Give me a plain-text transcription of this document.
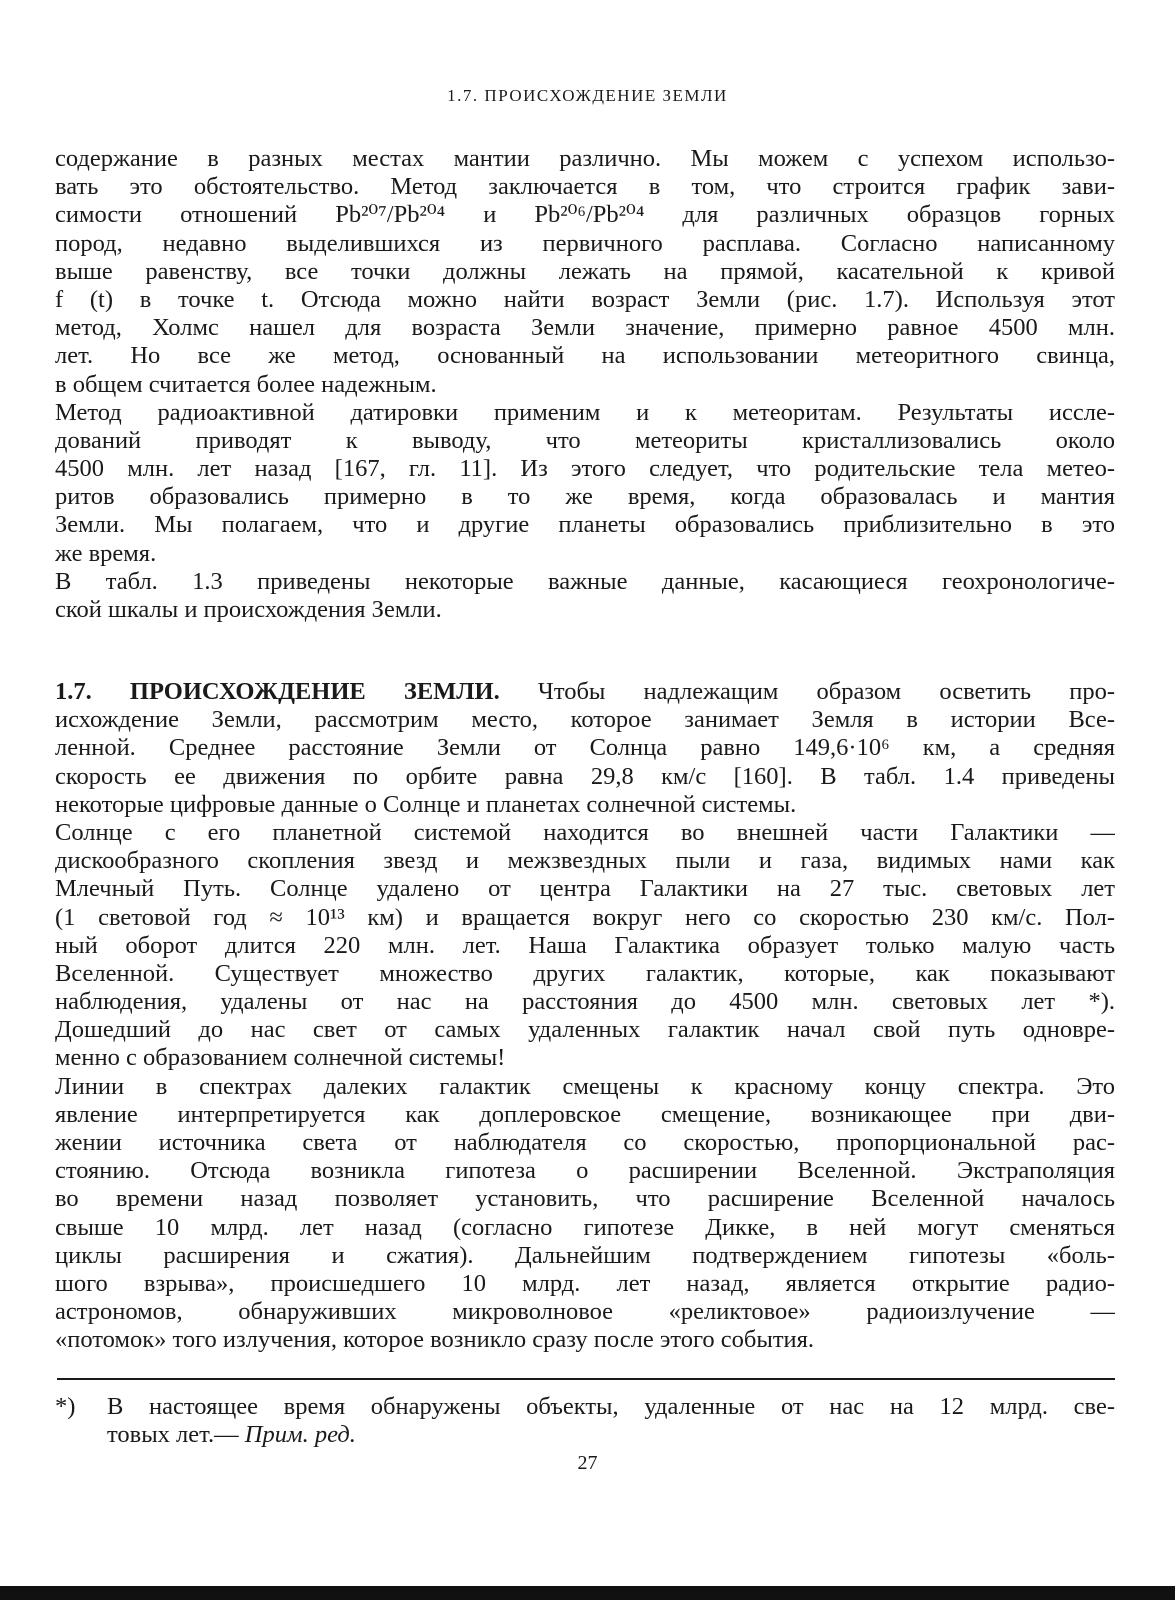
1.7. ПРОИСХОЖДЕНИЕ ЗЕМЛИ
содержание в разных местах мантии различно. Мы можем с успехом использо-
вать это обстоятельство. Метод заключается в том, что строится график зави-
симости отношений Pb²⁰⁷/Pb²⁰⁴ и Pb²⁰⁶/Pb²⁰⁴ для различных образцов горных
пород, недавно выделившихся из первичного расплава. Согласно написанному
выше равенству, все точки должны лежать на прямой, касательной к кривой
f (t) в точке t. Отсюда можно найти возраст Земли (рис. 1.7). Используя этот
метод, Холмс нашел для возраста Земли значение, примерно равное 4500 млн.
лет. Но все же метод, основанный на использовании метеоритного свинца,
в общем считается более надежным.
Метод радиоактивной датировки применим и к метеоритам. Результаты иссле-
дований приводят к выводу, что метеориты кристаллизовались около
4500 млн. лет назад [167, гл. 11]. Из этого следует, что родительские тела метео-
ритов образовались примерно в то же время, когда образовалась и мантия
Земли. Мы полагаем, что и другие планеты образовались приблизительно в это
же время.
В табл. 1.3 приведены некоторые важные данные, касающиеся геохронологиче-
ской шкалы и происхождения Земли.
1.7. ПРОИСХОЖДЕНИЕ ЗЕМЛИ. Чтобы надлежащим образом осветить про-
исхождение Земли, рассмотрим место, которое занимает Земля в истории Все-
ленной. Среднее расстояние Земли от Солнца равно 149,6·10⁶ км, а средняя
скорость ее движения по орбите равна 29,8 км/с [160]. В табл. 1.4 приведены
некоторые цифровые данные о Солнце и планетах солнечной системы.
Солнце с его планетной системой находится во внешней части Галактики —
дискообразного скопления звезд и межзвездных пыли и газа, видимых нами как
Млечный Путь. Солнце удалено от центра Галактики на 27 тыс. световых лет
(1 световой год ≈ 10¹³ км) и вращается вокруг него со скоростью 230 км/с. Пол-
ный оборот длится 220 млн. лет. Наша Галактика образует только малую часть
Вселенной. Существует множество других галактик, которые, как показывают
наблюдения, удалены от нас на расстояния до 4500 млн. световых лет *).
Дошедший до нас свет от самых удаленных галактик начал свой путь одновре-
менно с образованием солнечной системы!
Линии в спектрах далеких галактик смещены к красному концу спектра. Это
явление интерпретируется как доплеровское смещение, возникающее при дви-
жении источника света от наблюдателя со скоростью, пропорциональной рас-
стоянию. Отсюда возникла гипотеза о расширении Вселенной. Экстраполяция
во времени назад позволяет установить, что расширение Вселенной началось
свыше 10 млрд. лет назад (согласно гипотезе Дикке, в ней могут сменяться
циклы расширения и сжатия). Дальнейшим подтверждением гипотезы «боль-
шого взрыва», происшедшего 10 млрд. лет назад, является открытие радио-
астрономов, обнаруживших микроволновое «реликтовое» радиоизлучение —
«потомок» того излучения, которое возникло сразу после этого события.
*) В настоящее время обнаружены объекты, удаленные от нас на 12 млрд. све-
товых лет.— Прим. ред.
27
